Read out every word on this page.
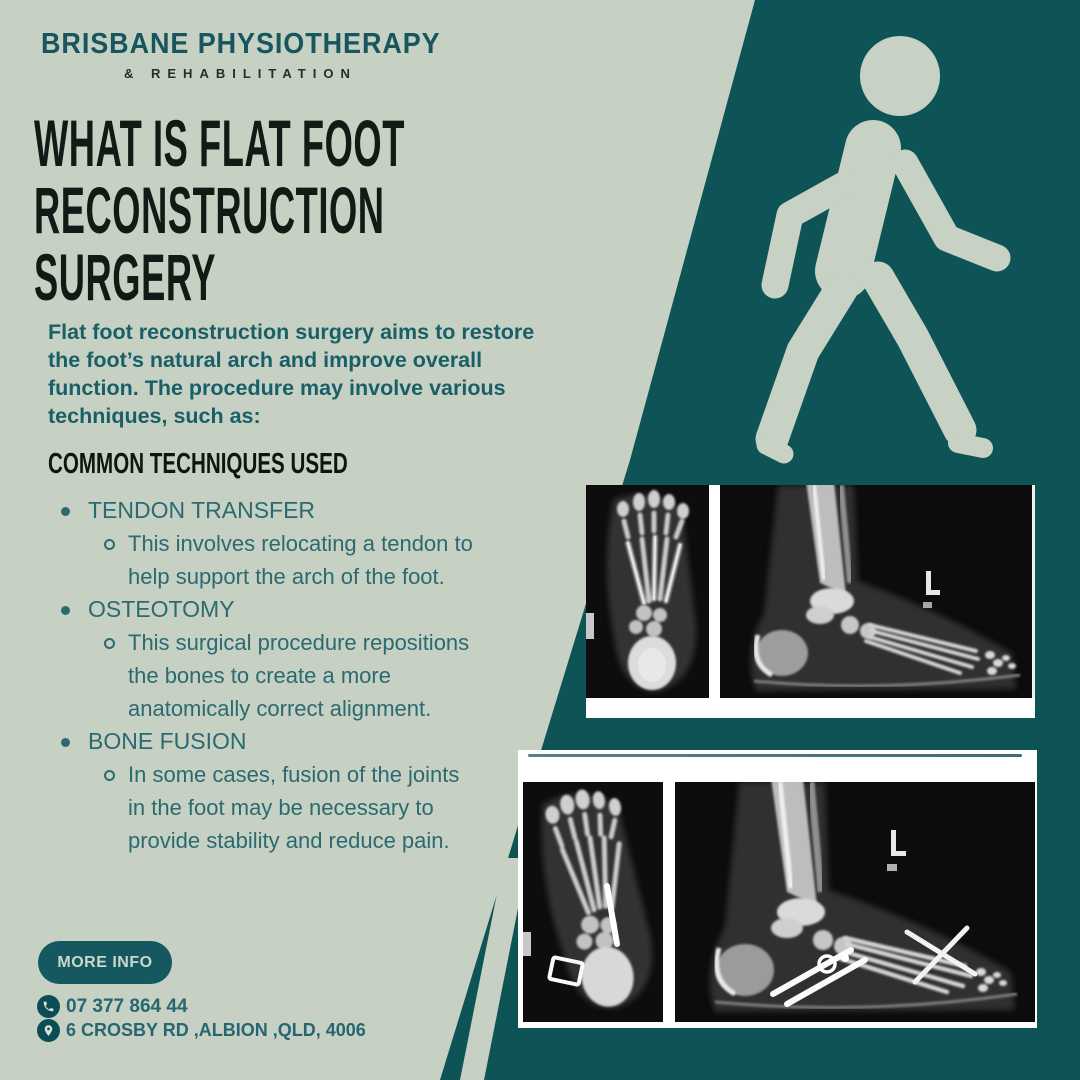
BRISBANE PHYSIOTHERAPY
& REHABILITATION
WHAT IS FLAT FOOT
RECONSTRUCTION
SURGERY

Flat foot reconstruction surgery aims to restore the foot’s natural arch and improve overall function. The procedure may involve various techniques, such as:

COMMON TECHNIQUES USED
TENDON TRANSFER
This involves relocating a tendon to help support the arch of the foot.
OSTEOTOMY
This surgical procedure repositions the bones to create a more anatomically correct alignment.
BONE FUSION
In some cases, fusion of the joints in the foot may be necessary to provide stability and reduce pain.
MORE INFO
07 377 864 44
6 CROSBY RD ,ALBION ,QLD, 4006
